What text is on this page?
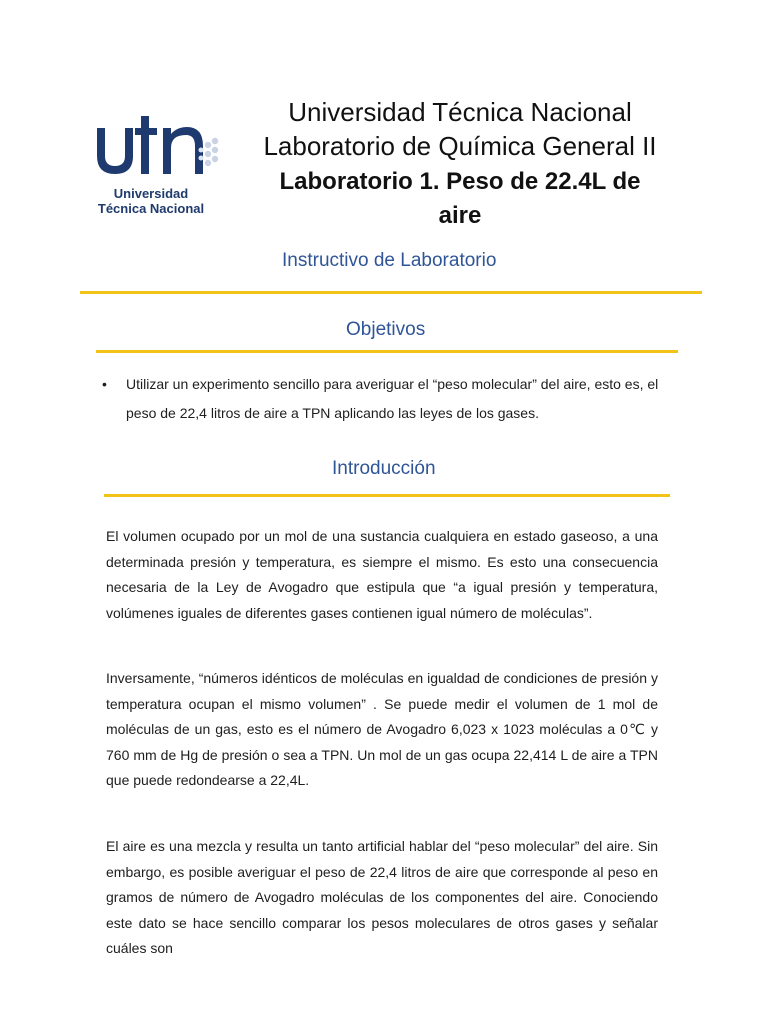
Universidad
Técnica Nacional
Universidad Técnica Nacional
Laboratorio de Química General II
Laboratorio 1. Peso de 22.4L de aire
Instructivo de Laboratorio
Objetivos
• Utilizar un experimento sencillo para averiguar el “peso molecular” del aire, esto es, el peso de 22,4 litros de aire a TPN aplicando las leyes de los gases.
Introducción
El volumen ocupado por un mol de una sustancia cualquiera en estado gaseoso, a una determinada presión y temperatura, es siempre el mismo. Es esto una consecuencia necesaria de la Ley de Avogadro que estipula que “a igual presión y temperatura, volúmenes iguales de diferentes gases contienen igual número de moléculas”.
Inversamente, “números idénticos de moléculas en igualdad de condiciones de presión y temperatura ocupan el mismo volumen” . Se puede medir el volumen de 1 mol de moléculas de un gas, esto es el número de Avogadro 6,023 x 1023 moléculas a 0℃ y 760 mm de Hg de presión o sea a TPN. Un mol de un gas ocupa 22,414 L de aire a TPN que puede redondearse a 22,4L.
El aire es una mezcla y resulta un tanto artificial hablar del “peso molecular” del aire. Sin embargo, es posible averiguar el peso de 22,4 litros de aire que corresponde al peso en gramos de número de Avogadro moléculas de los componentes del aire. Conociendo este dato se hace sencillo comparar los pesos moleculares de otros gases y señalar cuáles son
